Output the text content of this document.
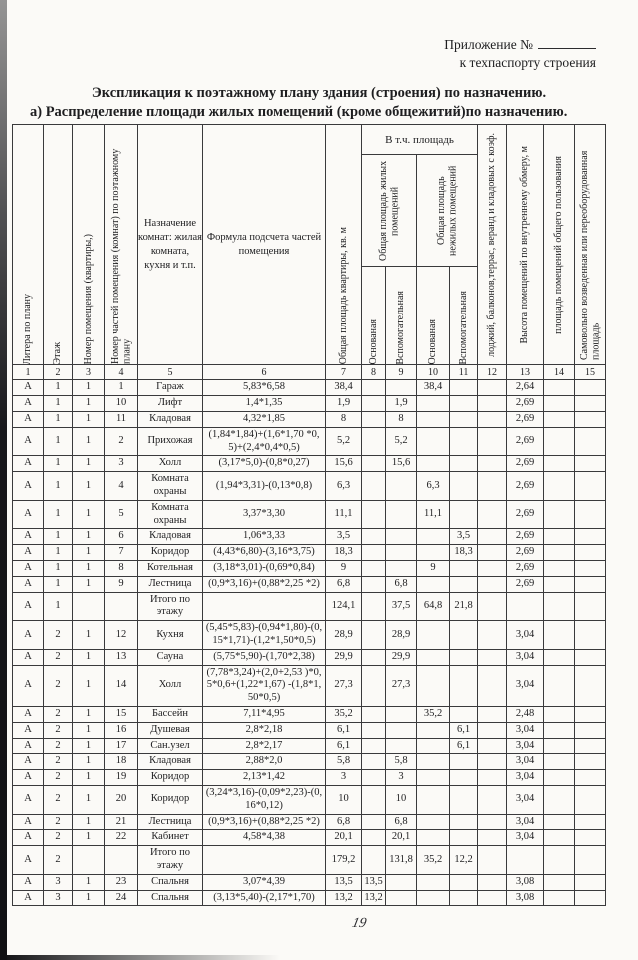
Приложение №
к техпаспорту строения
Экспликация к поэтажному плану здания (строения) по назначению.
а) Распределение площади жилых помещений (кроме общежитий)по назначению.
Литера по плану	Этаж	Номер помещения (квартиры,)	Номер частей помещения (комнат) по поэтажному плану	Назначение комнат: жилая комната, кухня и т.п.	Формула подсчета частей помещения	Общая площадь квартиры, кв. м	В т.ч. площадь				лоджий, балконов,террас, веранд и кладовых с коэф.	Высота помещений по внутреннему обмеру, м	площадь помещений общего пользования	Самовольно возведенная или переоборудованная площадь

							Общая площадь жилых помещений		Общая площадь нежилых помещений					

							Основаная	Вспомогательная	Основаная	Вспомогательная				

1	2	3	4	5	6	7	8	9	10	11	12	13	14	15
А	1	1	1	Гараж	5,83*6,58	38,4			38,4			2,64		
А	1	1	10	Лифт	1,4*1,35	1,9		1,9				2,69		
А	1	1	11	Кладовая	4,32*1,85	8		8				2,69		
А	1	1	2	Прихожая	(1,84*1,84)+(1,6*1,70 *0,5)+(2,4*0,4*0,5)	5,2		5,2				2,69		
А	1	1	3	Холл	(3,17*5,0)-(0,8*0,27)	15,6		15,6				2,69		
А	1	1	4	Комната охраны	(1,94*3,31)-(0,13*0,8)	6,3			6,3			2,69		
А	1	1	5	Комната охраны	3,37*3,30	11,1			11,1			2,69		
А	1	1	6	Кладовая	1,06*3,33	3,5				3,5		2,69		
А	1	1	7	Коридор	(4,43*6,80)-(3,16*3,75)	18,3				18,3		2,69		
А	1	1	8	Котельная	(3,18*3,01)-(0,69*0,84)	9			9			2,69		
А	1	1	9	Лестница	(0,9*3,16)+(0,88*2,25 *2)	6,8		6,8				2,69		
А	1			Итого по этажу		124,1		37,5	64,8	21,8				
А	2	1	12	Кухня	(5,45*5,83)-(0,94*1,80)-(0,15*1,71)-(1,2*1,50*0,5)	28,9		28,9				3,04		
А	2	1	13	Сауна	(5,75*5,90)-(1,70*2,38)	29,9		29,9				3,04		
А	2	1	14	Холл	(7,78*3,24)+(2,0+2,53 )*0,5*0,6+(1,22*1,67) -(1,8*1,50*0,5)	27,3		27,3				3,04		
А	2	1	15	Бассейн	7,11*4,95	35,2			35,2			2,48		
А	2	1	16	Душевая	2,8*2,18	6,1				6,1		3,04		
А	2	1	17	Сан.узел	2,8*2,17	6,1				6,1		3,04		
А	2	1	18	Кладовая	2,88*2,0	5,8		5,8				3,04		
А	2	1	19	Коридор	2,13*1,42	3		3				3,04		
А	2	1	20	Коридор	(3,24*3,16)-(0,09*2,23)-(0,16*0,12)	10		10				3,04		
А	2	1	21	Лестница	(0,9*3,16)+(0,88*2,25 *2)	6,8		6,8				3,04		
А	2	1	22	Кабинет	4,58*4,38	20,1		20,1				3,04		
А	2			Итого по этажу		179,2		131,8	35,2	12,2				
А	3	1	23	Спальня	3,07*4,39	13,5	13,5					3,08		
А	3	1	24	Спальня	(3,13*5,40)-(2,17*1,70)	13,2	13,2					3,08		
19
